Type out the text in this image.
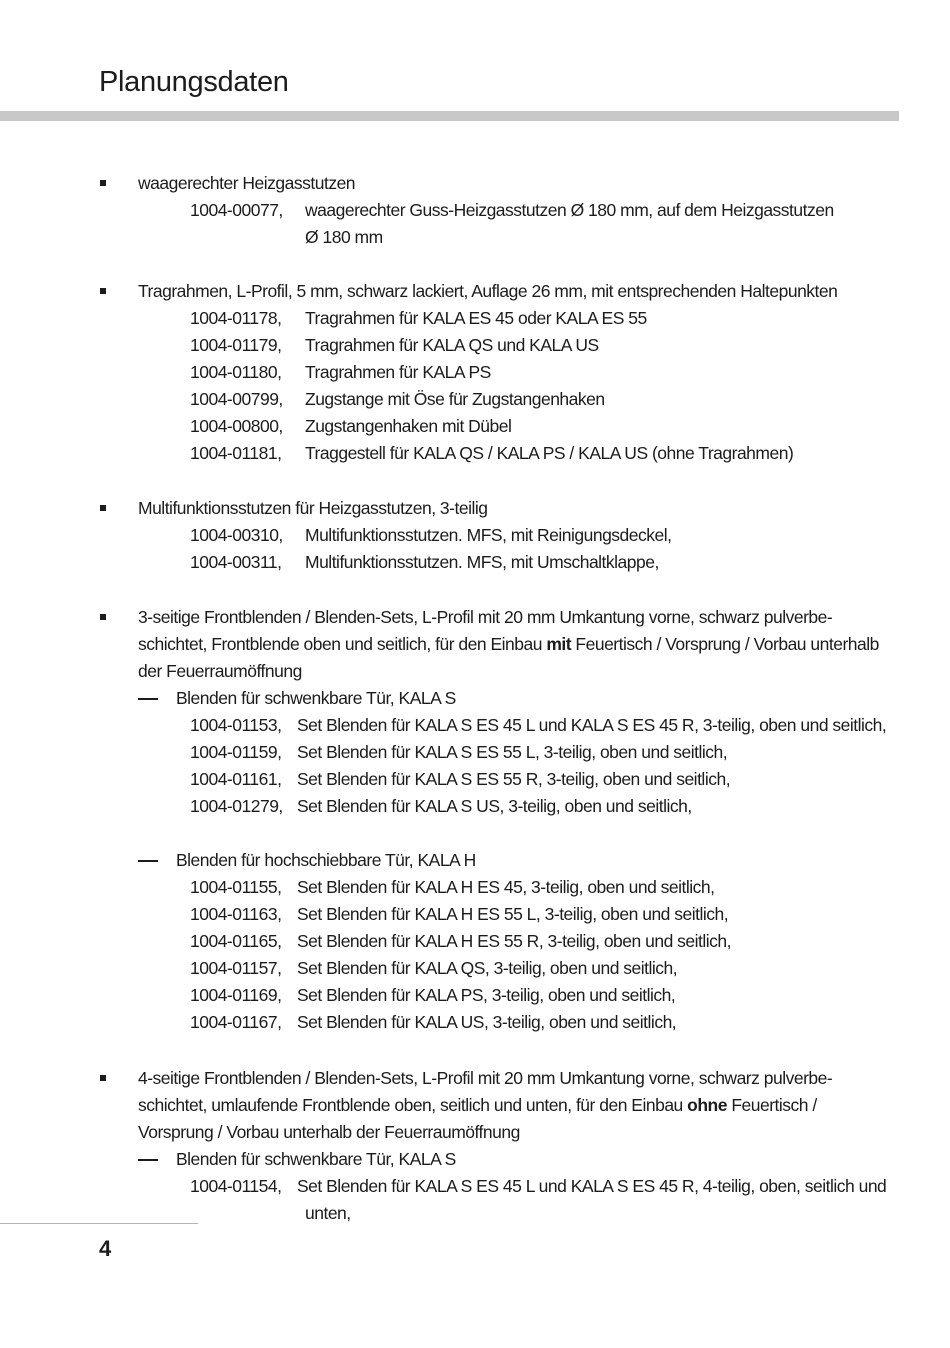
Planungsdaten
waagerechter Heizgasstutzen
1004-00077, waagerechter Guss-Heizgasstutzen Ø 180 mm, auf dem Heizgasstutzen
Ø 180 mm
Tragrahmen, L-Profil, 5 mm, schwarz lackiert, Auflage 26 mm, mit entsprechenden Haltepunkten
1004-01178, Tragrahmen für KALA ES 45 oder KALA ES 55
1004-01179, Tragrahmen für KALA QS und KALA US
1004-01180, Tragrahmen für KALA PS
1004-00799, Zugstange mit Öse für Zugstangenhaken
1004-00800, Zugstangenhaken mit Dübel
1004-01181, Traggestell für KALA QS / KALA PS / KALA US (ohne Tragrahmen)
Multifunktionsstutzen für Heizgasstutzen, 3-teilig
1004-00310, Multifunktionsstutzen. MFS, mit Reinigungsdeckel,
1004-00311, Multifunktionsstutzen. MFS, mit Umschaltklappe,
3-seitige Frontblenden / Blenden-Sets, L-Profil mit 20 mm Umkantung vorne, schwarz pulverbe-
schichtet, Frontblende oben und seitlich, für den Einbau mit Feuertisch / Vorsprung / Vorbau unterhalb
der Feuerraumöffnung
Blenden für schwenkbare Tür, KALA S
1004-01153, Set Blenden für KALA S ES 45 L und KALA S ES 45 R, 3-teilig, oben und seitlich,
1004-01159, Set Blenden für KALA S ES 55 L, 3-teilig, oben und seitlich,
1004-01161, Set Blenden für KALA S ES 55 R, 3-teilig, oben und seitlich,
1004-01279, Set Blenden für KALA S US, 3-teilig, oben und seitlich,
Blenden für hochschiebbare Tür, KALA H
1004-01155, Set Blenden für KALA H ES 45, 3-teilig, oben und seitlich,
1004-01163, Set Blenden für KALA H ES 55 L, 3-teilig, oben und seitlich,
1004-01165, Set Blenden für KALA H ES 55 R, 3-teilig, oben und seitlich,
1004-01157, Set Blenden für KALA QS, 3-teilig, oben und seitlich,
1004-01169, Set Blenden für KALA PS, 3-teilig, oben und seitlich,
1004-01167, Set Blenden für KALA US, 3-teilig, oben und seitlich,
4-seitige Frontblenden / Blenden-Sets, L-Profil mit 20 mm Umkantung vorne, schwarz pulverbe-
schichtet, umlaufende Frontblende oben, seitlich und unten, für den Einbau ohne Feuertisch /
Vorsprung / Vorbau unterhalb der Feuerraumöffnung
Blenden für schwenkbare Tür, KALA S
1004-01154, Set Blenden für KALA S ES 45 L und KALA S ES 45 R, 4-teilig, oben, seitlich und
unten,
4
